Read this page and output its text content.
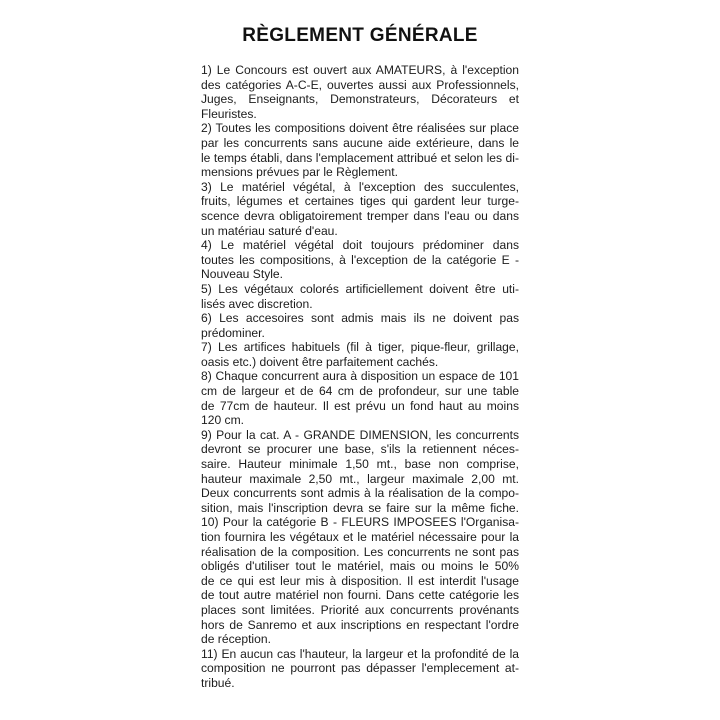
RÈGLEMENT GÉNÉRALE
1) Le Concours est ouvert aux AMATEURS, à l'exception
des catégories A-C-E, ouvertes aussi aux Professionnels,
Juges, Enseignants, Demonstrateurs, Décorateurs et
Fleuristes.
2) Toutes les compositions doivent être réalisées sur place
par les concurrents sans aucune aide extérieure, dans le
le temps établi, dans l'emplacement attribué et selon les di-
mensions prévues par le Règlement.
3) Le matériel végétal, à l'exception des succulentes,
fruits, légumes et certaines tiges qui gardent leur turge-
scence devra obligatoirement tremper dans l'eau ou dans
un matériau saturé d'eau.
4) Le matériel végétal doit toujours prédominer dans
toutes les compositions, à l'exception de la catégorie E -
Nouveau Style.
5) Les végétaux colorés artificiellement doivent être uti-
lisés avec discretion.
6) Les accesoires sont admis mais ils ne doivent pas
prédominer.
7) Les artifices habituels (fil à tiger, pique-fleur, grillage,
oasis etc.) doivent être parfaitement cachés.
8) Chaque concurrent aura à disposition un espace de 101
cm de largeur et de 64 cm de profondeur, sur une table
de 77cm de hauteur. Il est prévu un fond haut au moins
120 cm.
9) Pour la cat. A - GRANDE DIMENSION, les concurrents
devront se procurer une base, s'ils la retiennent néces-
saire. Hauteur minimale 1,50 mt., base non comprise,
hauteur maximale 2,50 mt., largeur maximale 2,00 mt.
Deux concurrents sont admis à la réalisation de la compo-
sition, mais l'inscription devra se faire sur la même fiche.
10) Pour la catégorie B - FLEURS IMPOSEES l'Organisa-
tion fournira les végétaux et le matériel nécessaire pour la
réalisation de la composition. Les concurrents ne sont pas
obligés d'utiliser tout le matériel, mais ou moins le 50%
de ce qui est leur mis à disposition. Il est interdit l'usage
de tout autre matériel non fourni. Dans cette catégorie les
places sont limitées. Priorité aux concurrents provénants
hors de Sanremo et aux inscriptions en respectant l'ordre
de réception.
11) En aucun cas l'hauteur, la largeur et la profondité de la
composition ne pourront pas dépasser l'emplecement at-
tribué.
